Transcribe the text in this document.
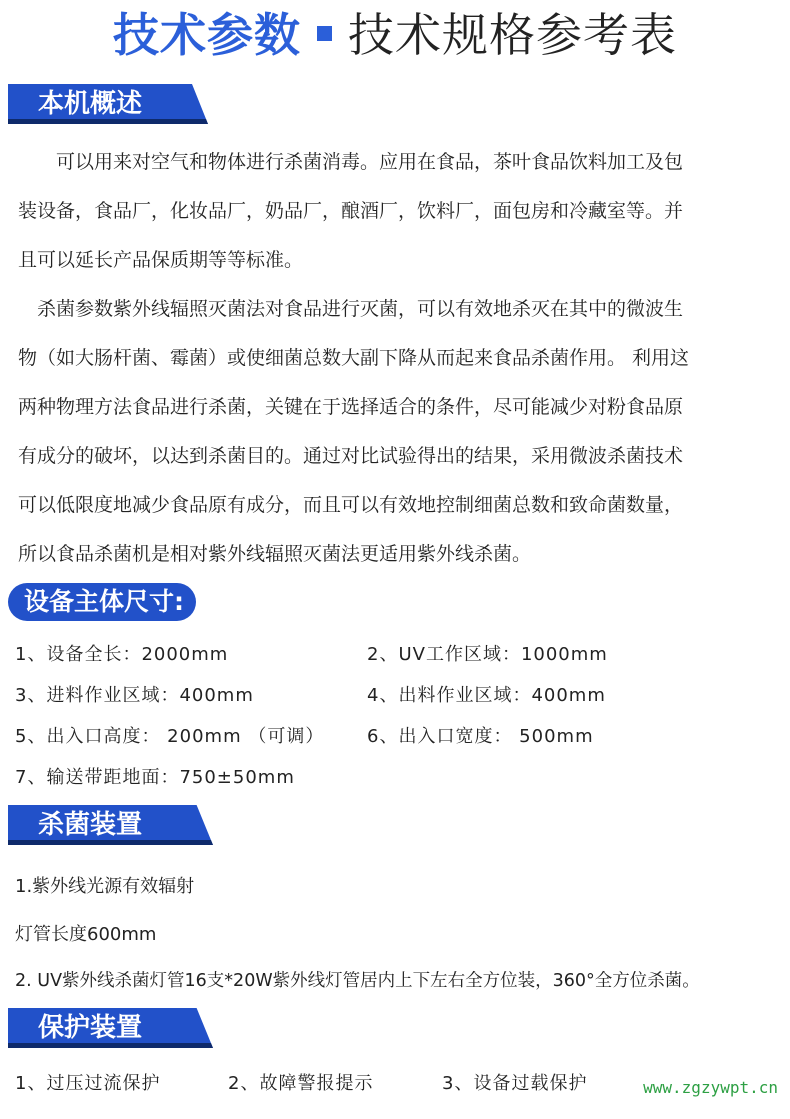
技术参数 技术规格参考表
本机概述
　　可以用来对空气和物体进行杀菌消毒。应用在食品，茶叶食品饮料加工及包
装设备，食品厂，化妆品厂，奶品厂，酿酒厂，饮料厂，面包房和冷藏室等。并
且可以延长产品保质期等等标准。
　杀菌参数紫外线辐照灭菌法对食品进行灭菌，可以有效地杀灭在其中的微波生
物（如大肠杆菌、霉菌）或使细菌总数大副下降从而起来食品杀菌作用。 利用这
两种物理方法食品进行杀菌，关键在于选择适合的条件，尽可能减少对粉食品原
有成分的破坏，以达到杀菌目的。通过对比试验得出的结果，采用微波杀菌技术
可以低限度地减少食品原有成分，而且可以有效地控制细菌总数和致命菌数量，
所以食品杀菌机是相对紫外线辐照灭菌法更适用紫外线杀菌。
设备主体尺寸:
1、设备全长：2000mm	2、UV工作区域：1000mm
3、进料作业区域：400mm	4、出料作业区域：400mm
5、出入口高度： 200mm （可调） 6、出入口宽度： 500mm
7、输送带距地面：750±50mm
杀菌装置
1.紫外线光源有效辐射
灯管长度600mm
2. UV紫外线杀菌灯管16支*20W紫外线灯管居内上下左右全方位装，360°全方位杀菌。
保护装置
1、过压过流保护	2、故障警报提示	3、设备过载保护	www.zgzywpt.cn
